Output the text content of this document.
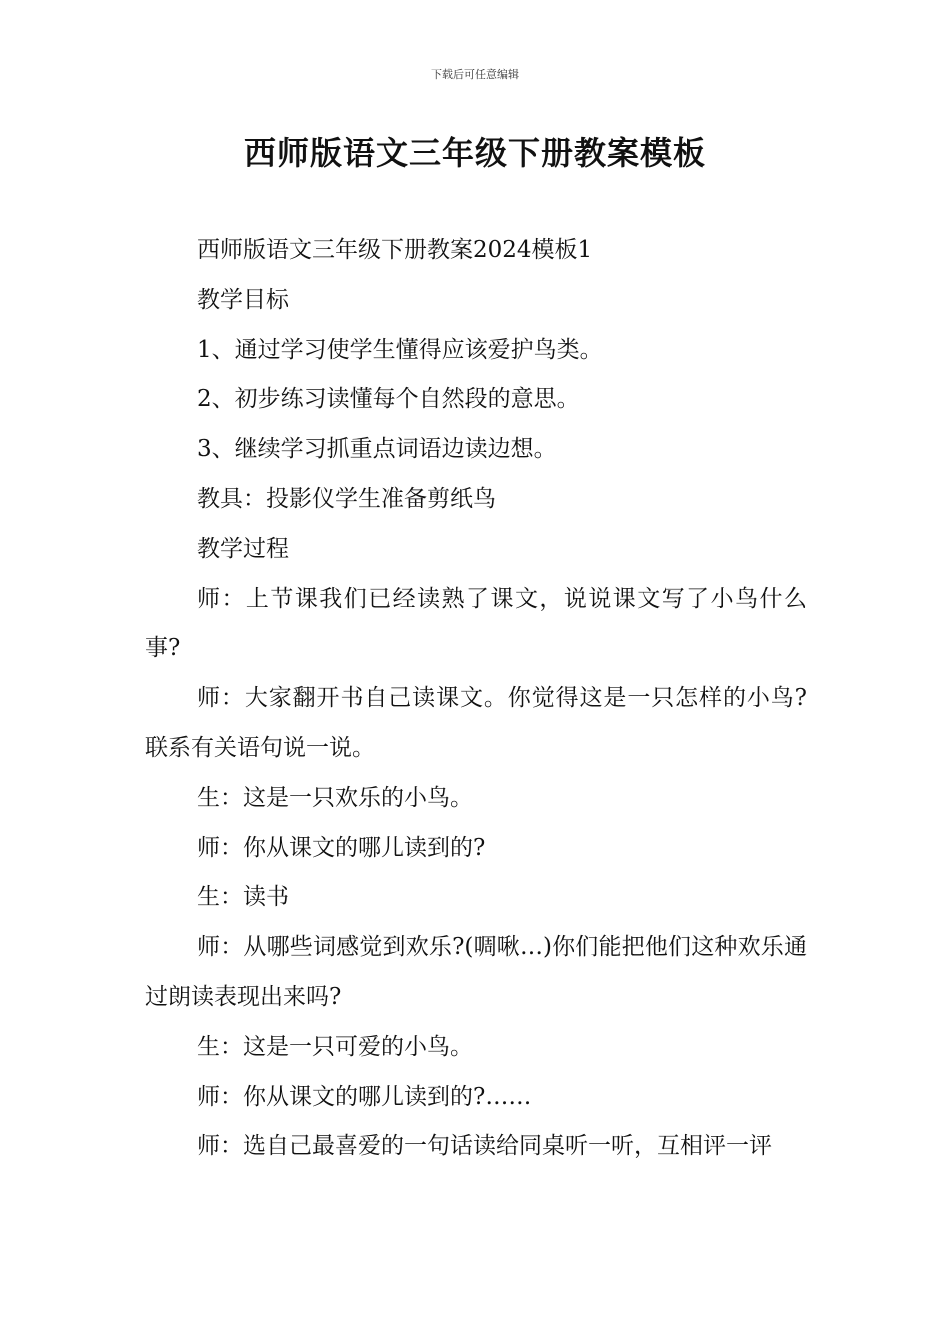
下载后可任意编辑
西师版语文三年级下册教案模板

西师版语文三年级下册教案2024模板1

教学目标

1、通过学习使学生懂得应该爱护鸟类。

2、初步练习读懂每个自然段的意思。

3、继续学习抓重点词语边读边想。

教具：投影仪学生准备剪纸鸟

教学过程

师：上节课我们已经读熟了课文，说说课文写了小鸟什么事?

师：大家翻开书自己读课文。你觉得这是一只怎样的小鸟?联系有关语句说一说。

生：这是一只欢乐的小鸟。

师：你从课文的哪儿读到的?

生：读书

师：从哪些词感觉到欢乐?(啁啾…)你们能把他们这种欢乐通过朗读表现出来吗?

生：这是一只可爱的小鸟。

师：你从课文的哪儿读到的?……

师：选自己最喜爱的一句话读给同桌听一听，互相评一评
